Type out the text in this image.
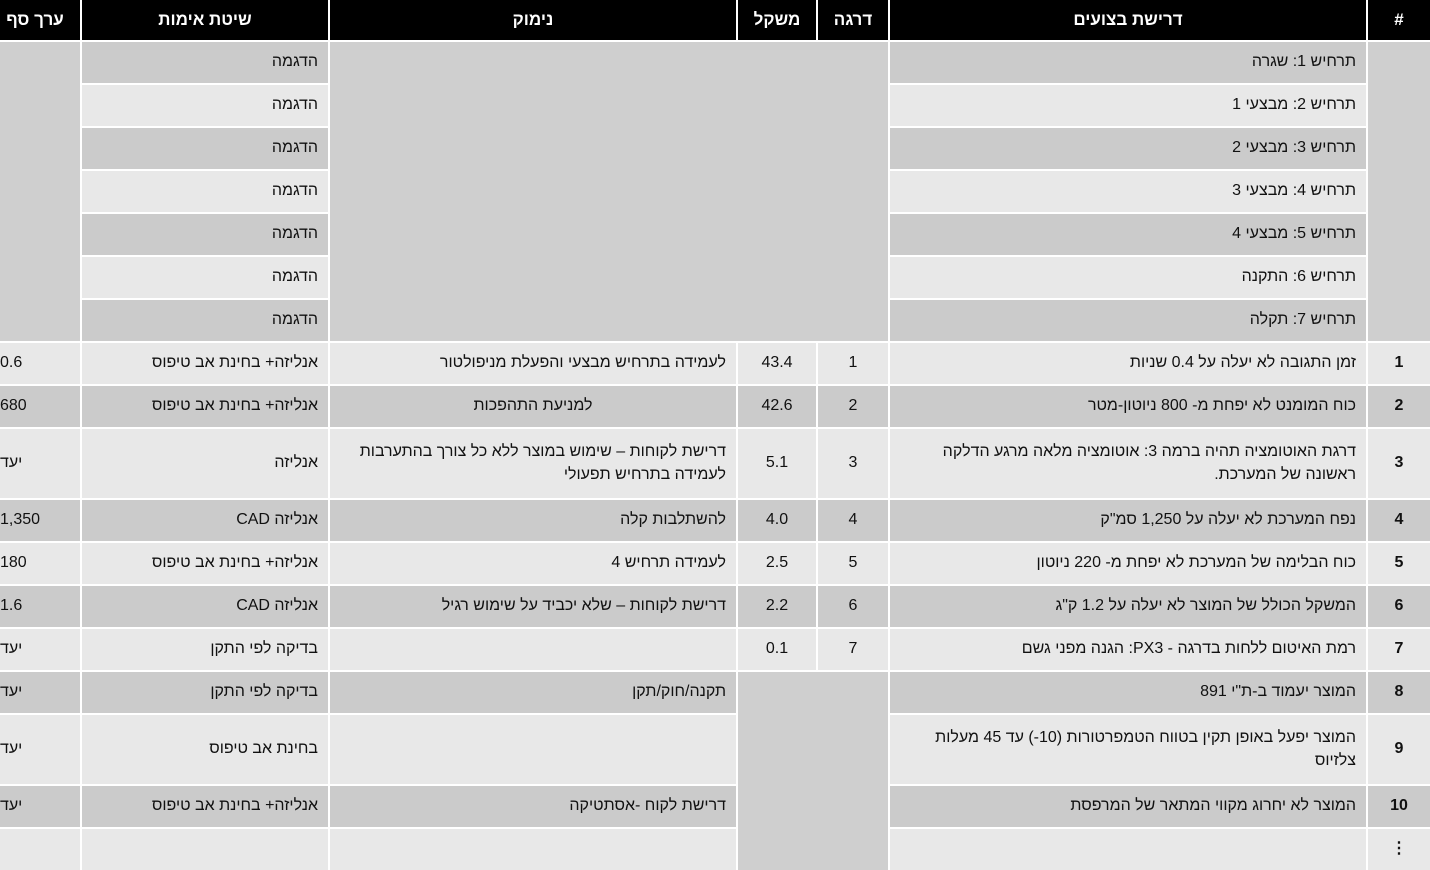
#
דרישת בצועים
דרגה
משקל
נימוק
שיטת אימות
ערך סף
תרחיש 1: שגרה
תרחיש 2: מבצעי 1
תרחיש 3: מבצעי 2
תרחיש 4: מבצעי 3
תרחיש 5: מבצעי 4
תרחיש 6: התקנה
תרחיש 7: תקלה
הדגמה
הדגמה
הדגמה
הדגמה
הדגמה
הדגמה
הדגמה
1
זמן התגובה לא יעלה על 0.4 שניות
1
43.4
לעמידה בתרחיש מבצעי והפעלת מניפולטור
אנליזה+ בחינת אב טיפוס
0.6
2
כוח המומנט לא יפחת מ- 800 ניוטון-מטר
2
42.6
למניעת התהפכות
אנליזה+ בחינת אב טיפוס
680
3
דרגת האוטומציה תהיה ברמה 3: אוטומציה מלאה מרגע הדלקה ראשונה של המערכת.
3
5.1
דרישת לקוחות – שימוש במוצר ללא כל צורך בהתערבות לעמידה בתרחיש תפעולי
אנליזה
יעד
4
נפח המערכת לא יעלה על 1,250 סמ"ק
4
4.0
להשתלבות קלה
אנליזה CAD
1,350
5
כוח הבלימה של המערכת לא יפחת מ- 220 ניוטון
5
2.5
לעמידה תרחיש 4
אנליזה+ בחינת אב טיפוס
180
6
המשקל הכולל של המוצר לא יעלה על 1.2 ק"ג
6
2.2
דרישת לקוחות – שלא יכביד על שימוש רגיל
אנליזה CAD
1.6
7
רמת האיטום ללחות בדרגה - PX3: הגנה מפני גשם
7
0.1
בדיקה לפי התקן
יעד
8
המוצר יעמוד ב-ת"י 891
תקנה/חוק/תקן
בדיקה לפי התקן
יעד
9
המוצר יפעל באופן תקין בטווח הטמפרטורות (10-) עד 45 מעלות צלזיוס
בחינת אב טיפוס
יעד
10
המוצר לא יחרוג מקווי המתאר של המרפסת
דרישת לקוח -אסתטיקה
אנליזה+ בחינת אב טיפוס
יעד
⋮
